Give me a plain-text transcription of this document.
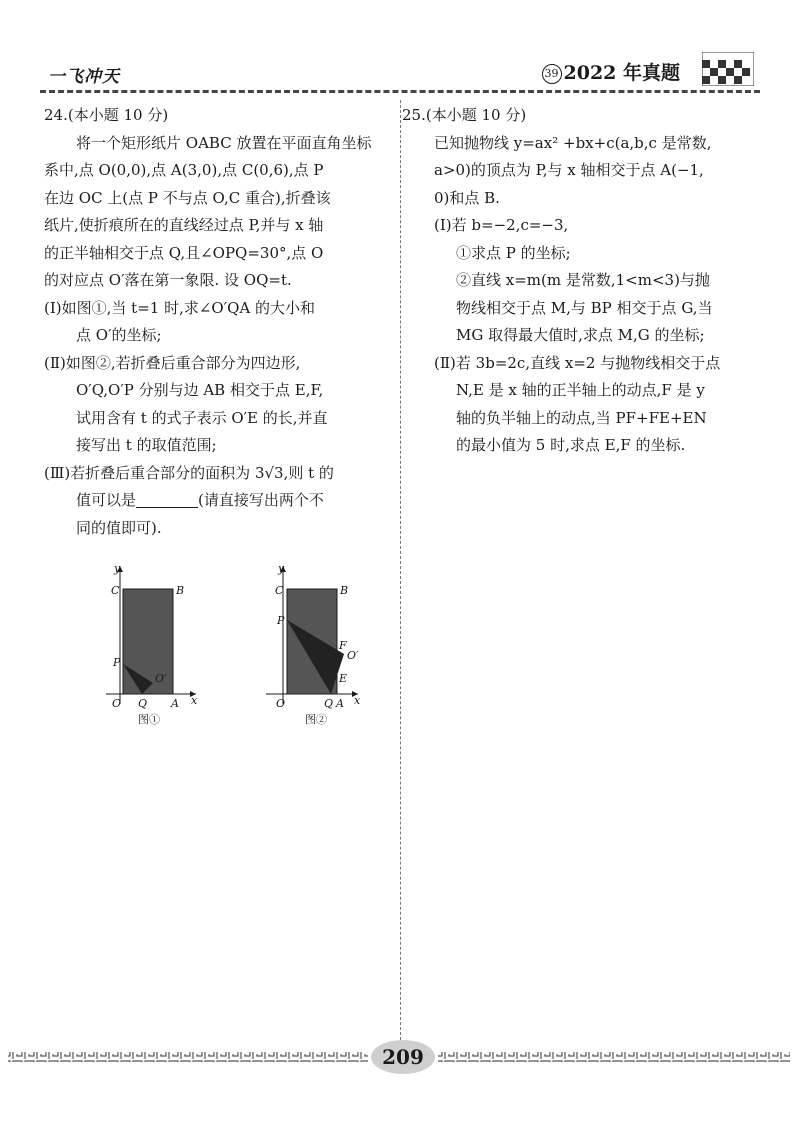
一飞冲天	39 2022 年真题

24.(本小题 10 分)

将一个矩形纸片 OABC 放置在平面直角坐标

系中,点 O(0,0),点 A(3,0),点 C(0,6),点 P

在边 OC 上(点 P 不与点 O,C 重合),折叠该

纸片,使折痕所在的直线经过点 P,并与 x 轴

的正半轴相交于点 Q,且∠OPQ=30°,点 O

的对应点 O′落在第一象限. 设 OQ=t.

(Ⅰ)如图①,当 t=1 时,求∠O′QA 的大小和

点 O′的坐标;

(Ⅱ)如图②,若折叠后重合部分为四边形,

O′Q,O′P 分别与边 AB 相交于点 E,F,

试用含有 t 的式子表示 O′E 的长,并直

接写出 t 的取值范围;

(Ⅲ)若折叠后重合部分的面积为 3√3,则 t 的

值可以是	(请直接写出两个不

同的值即可).

y
C	B
P
O′
O Q A x
图①
y
C	B
P
F
O′
E
O	Q A x
图②

25.(本小题 10 分)

已知抛物线 y=ax² +bx+c(a,b,c 是常数,

a>0)的顶点为 P,与 x 轴相交于点 A(−1,

0)和点 B.

(Ⅰ)若 b=−2,c=−3,

①求点 P 的坐标;

②直线 x=m(m 是常数,1<m<3)与抛

物线相交于点 M,与 BP 相交于点 G,当

MG 取得最大值时,求点 M,G 的坐标;

(Ⅱ)若 3b=2c,直线 x=2 与抛物线相交于点

N,E 是 x 轴的正半轴上的动点,F 是 y

轴的负半轴上的动点,当 PF+FE+EN

的最小值为 5 时,求点 E,F 的坐标.

209
